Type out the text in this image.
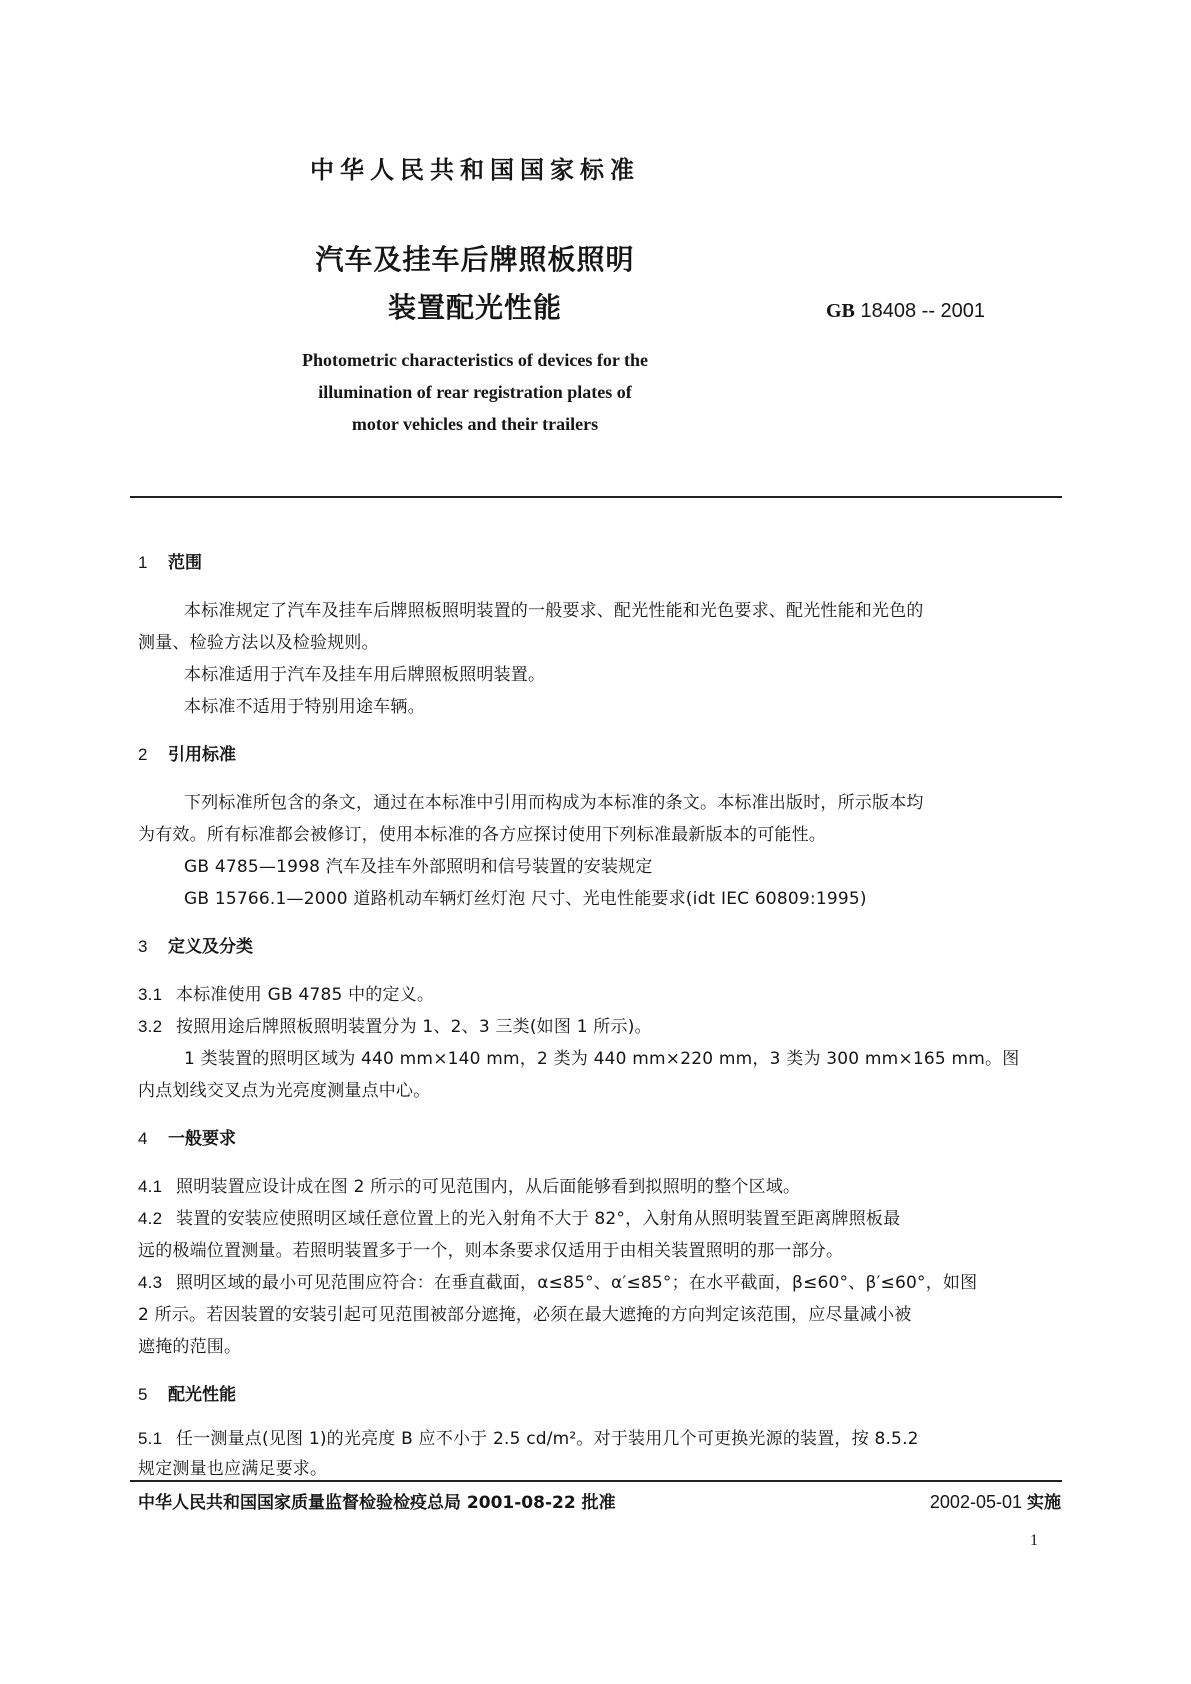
中华人民共和国国家标准
汽车及挂车后牌照板照明
装置配光性能	GB 18408 -- 2001
Photometric characteristics of devices for the
illumination of rear registration plates of
motor vehicles and their trailers
1 范围
本标准规定了汽车及挂车后牌照板照明装置的一般要求、配光性能和光色要求、配光性能和光色的
测量、检验方法以及检验规则。
本标准适用于汽车及挂车用后牌照板照明装置。
本标准不适用于特别用途车辆。
2 引用标准
下列标准所包含的条文，通过在本标准中引用而构成为本标准的条文。本标准出版时，所示版本均
为有效。所有标准都会被修订，使用本标准的各方应探讨使用下列标准最新版本的可能性。
GB 4785—1998 汽车及挂车外部照明和信号装置的安装规定
GB 15766.1—2000 道路机动车辆灯丝灯泡 尺寸、光电性能要求(idt IEC 60809:1995)
3 定义及分类
3.1 本标准使用 GB 4785 中的定义。
3.2 按照用途后牌照板照明装置分为 1、2、3 三类(如图 1 所示)。
1 类装置的照明区域为 440 mm×140 mm，2 类为 440 mm×220 mm，3 类为 300 mm×165 mm。图
内点划线交叉点为光亮度测量点中心。
4 一般要求
4.1 照明装置应设计成在图 2 所示的可见范围内，从后面能够看到拟照明的整个区域。
4.2 装置的安装应使照明区域任意位置上的光入射角不大于 82°，入射角从照明装置至距离牌照板最
远的极端位置测量。若照明装置多于一个，则本条要求仅适用于由相关装置照明的那一部分。
4.3 照明区域的最小可见范围应符合：在垂直截面，α≤85°、α′≤85°；在水平截面，β≤60°、β′≤60°，如图
2 所示。若因装置的安装引起可见范围被部分遮掩，必须在最大遮掩的方向判定该范围，应尽量减小被
遮掩的范围。
5 配光性能
5.1 任一测量点(见图 1)的光亮度 B 应不小于 2.5 cd/m²。对于装用几个可更换光源的装置，按 8.5.2
规定测量也应满足要求。
中华人民共和国国家质量监督检验检疫总局 2001-08-22 批准	2002-05-01 实施
1
